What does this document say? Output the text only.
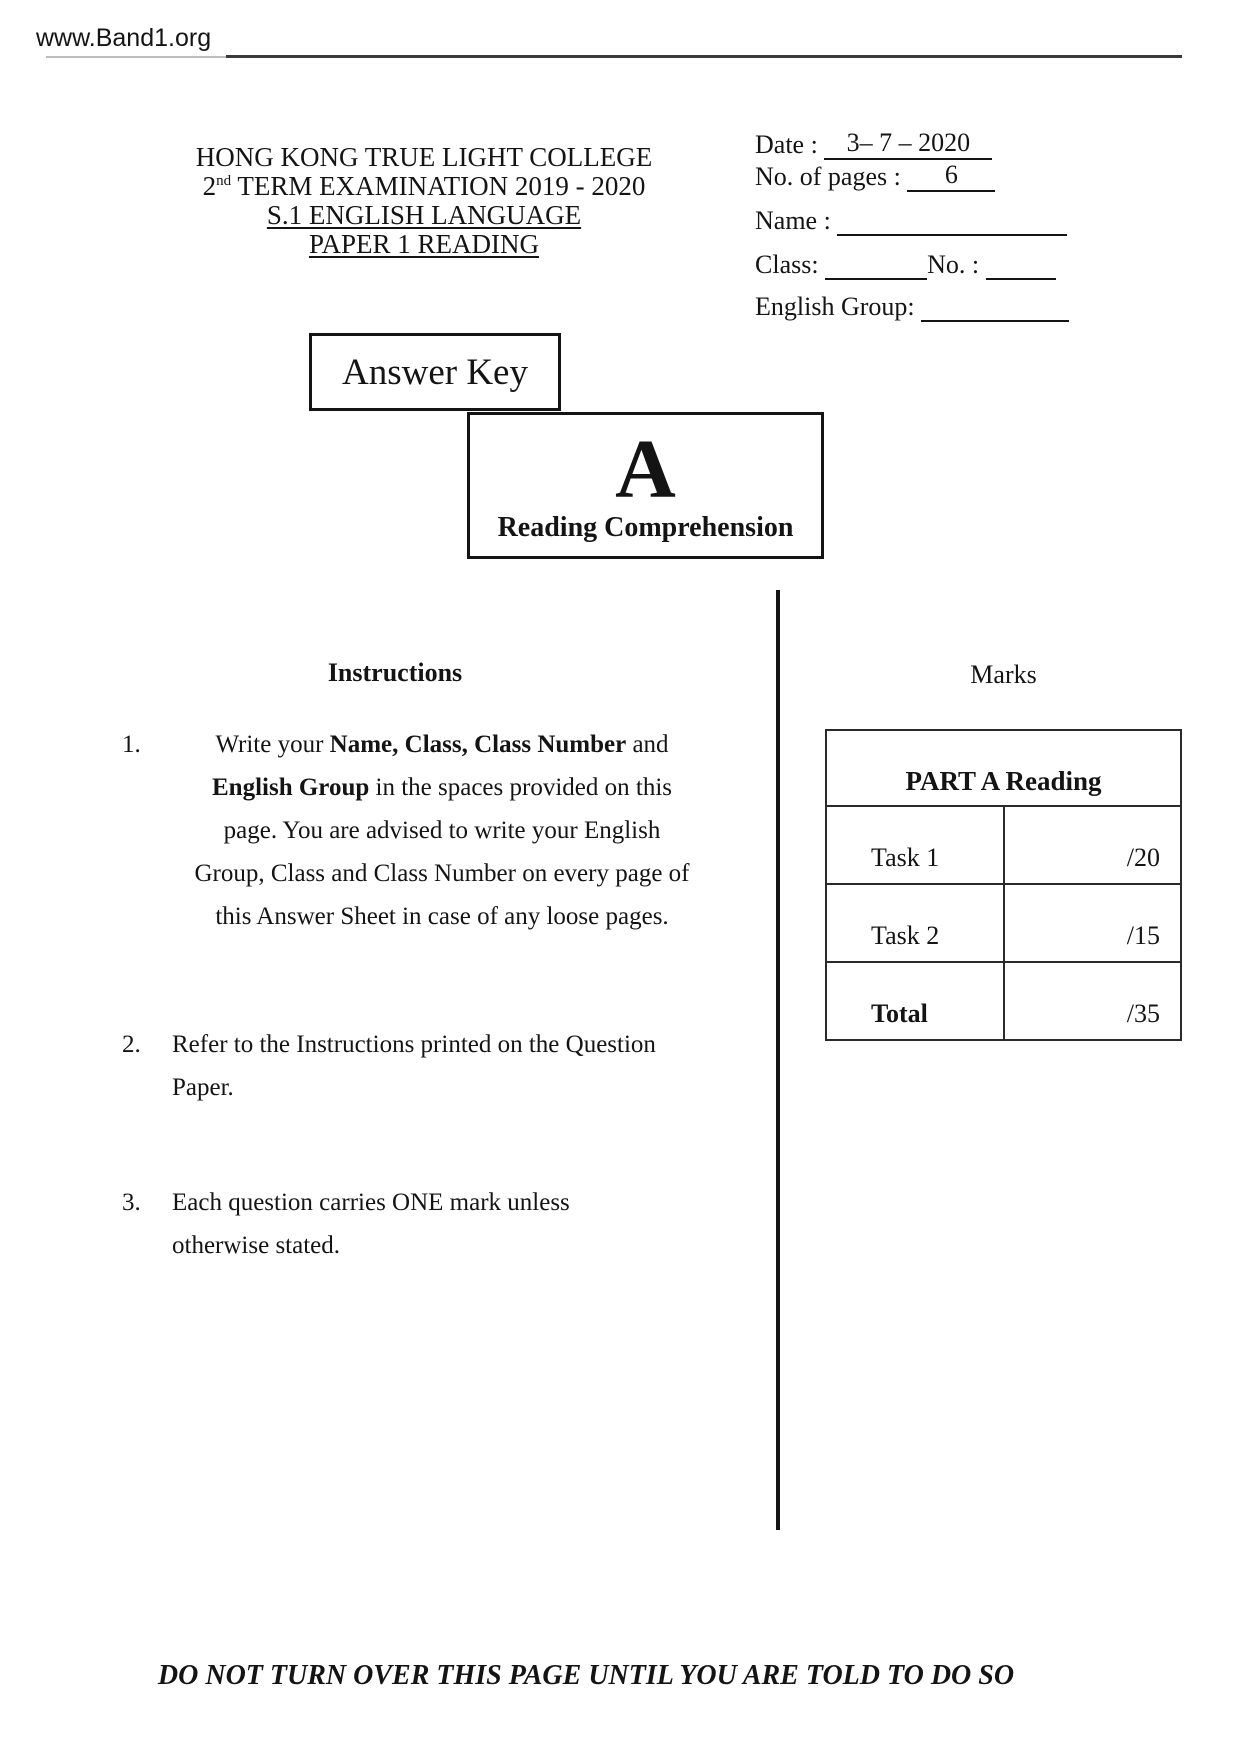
www.Band1.org
HONG KONG TRUE LIGHT COLLEGE
2nd TERM EXAMINATION 2019 - 2020
S.1 ENGLISH LANGUAGE
PAPER 1 READING
Date : 3– 7 – 2020
No. of pages : 6
Name :
Class:	No. :
English Group:
Answer Key
A
Reading Comprehension
Instructions
1.	Write your Name, Class, Class Number and
English Group in the spaces provided on this
page. You are advised to write your English
Group, Class and Class Number on every page of
this Answer Sheet in case of any loose pages.
2. Refer to the Instructions printed on the Question
Paper.
3. Each question carries ONE mark unless
otherwise stated.
Marks
PART A Reading	
Task 1	/20
Task 2	/15
Total	/35
DO NOT TURN OVER THIS PAGE UNTIL YOU ARE TOLD TO DO SO
